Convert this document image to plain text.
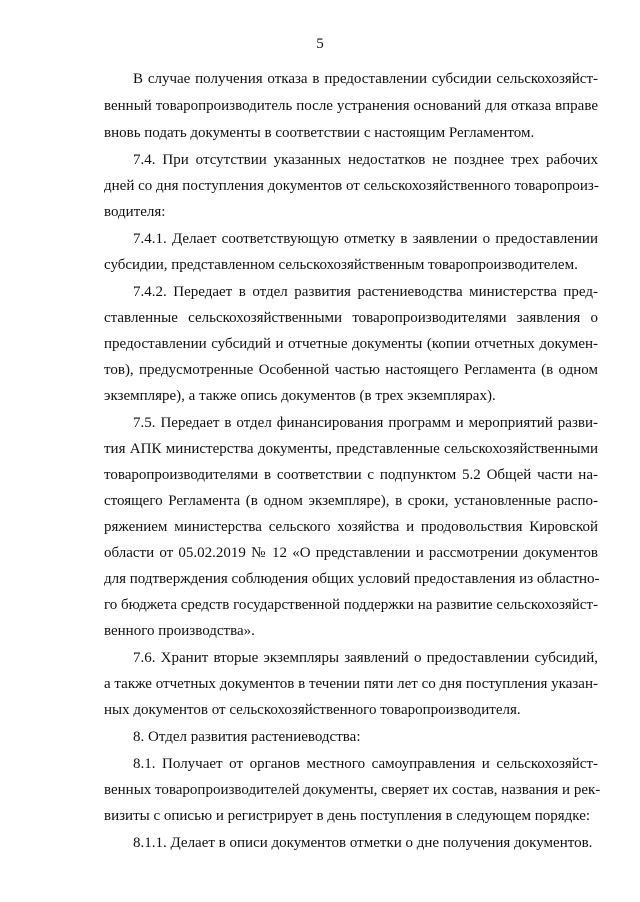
5
В случае получения отказа в предоставлении субсидии сельскохозяйст-
венный товаропроизводитель после устранения оснований для отказа вправе
вновь подать документы в соответствии с настоящим Регламентом.
7.4. При отсутствии указанных недостатков не позднее трех рабочих
дней со дня поступления документов от сельскохозяйственного товаропроиз-
водителя:
7.4.1. Делает соответствующую отметку в заявлении о предоставлении
субсидии, представленном сельскохозяйственным товаропроизводителем.
7.4.2. Передает в отдел развития растениеводства министерства пред-
ставленные сельскохозяйственными товаропроизводителями заявления о
предоставлении субсидий и отчетные документы (копии отчетных докумен-
тов), предусмотренные Особенной частью настоящего Регламента (в одном
экземпляре), а также опись документов (в трех экземплярах).
7.5. Передает в отдел финансирования программ и мероприятий разви-
тия АПК министерства документы, представленные сельскохозяйственными
товаропроизводителями в соответствии с подпунктом 5.2 Общей части на-
стоящего Регламента (в одном экземпляре), в сроки, установленные распо-
ряжением министерства сельского хозяйства и продовольствия Кировской
области от 05.02.2019 № 12 «О представлении и рассмотрении документов
для подтверждения соблюдения общих условий предоставления из областно-
го бюджета средств государственной поддержки на развитие сельскохозяйст-
венного производства».
7.6. Хранит вторые экземпляры заявлений о предоставлении субсидий,
а также отчетных документов в течении пяти лет со дня поступления указан-
ных документов от сельскохозяйственного товаропроизводителя.
8. Отдел развития растениеводства:
8.1. Получает от органов местного самоуправления и сельскохозяйст-
венных товаропроизводителей документы, сверяет их состав, названия и рек-
визиты с описью и регистрирует в день поступления в следующем порядке:
8.1.1. Делает в описи документов отметки о дне получения документов.
